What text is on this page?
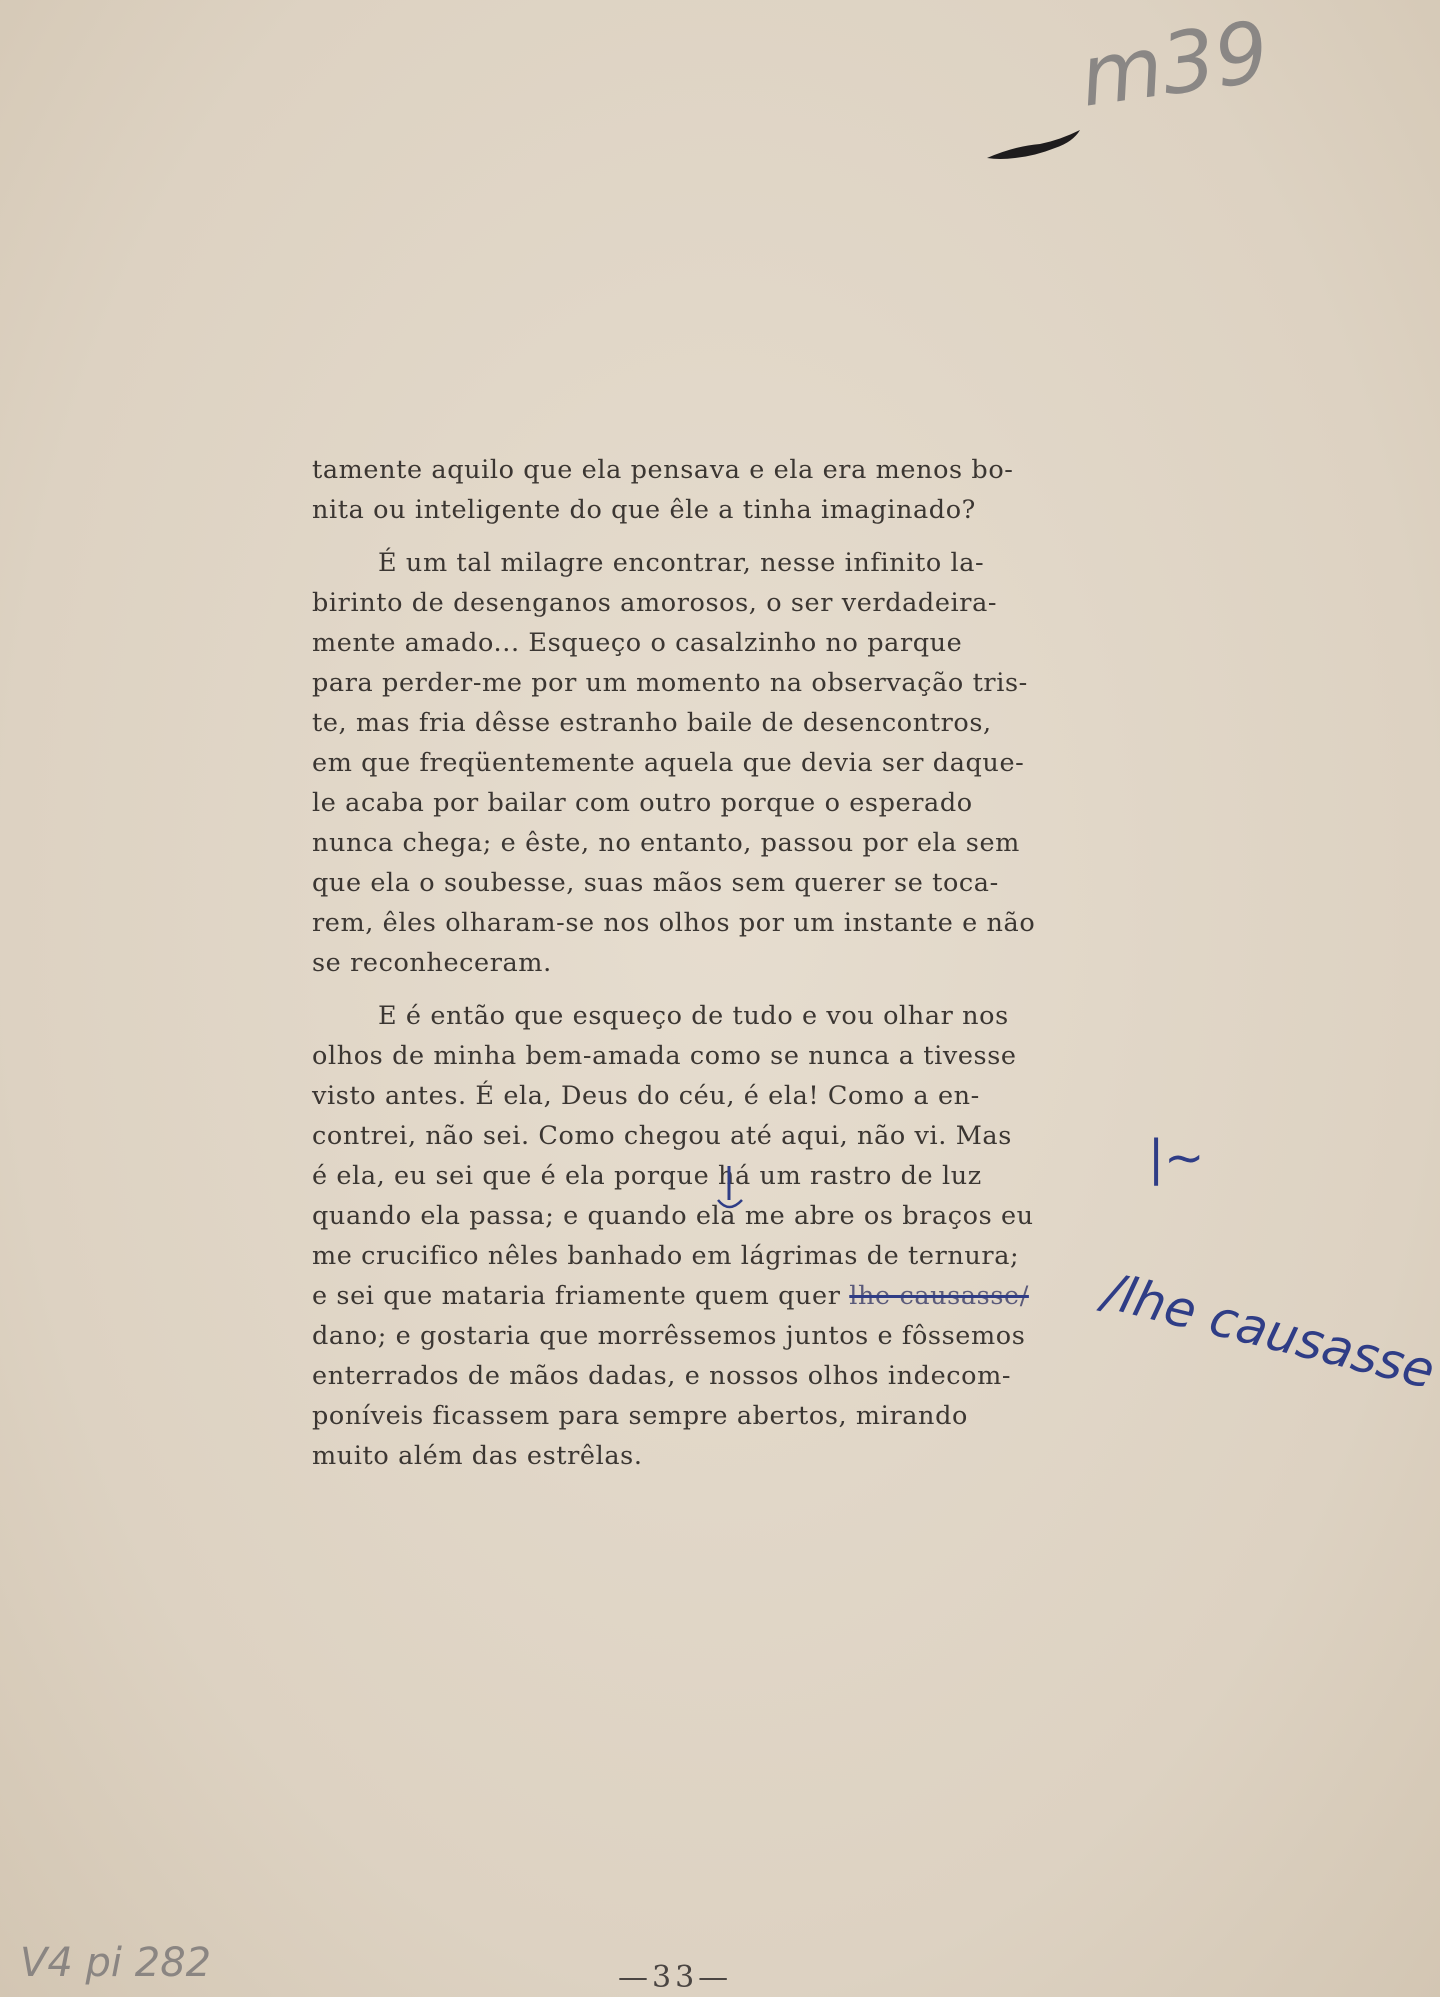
m39

tamente aquilo que ela pensava e ela era menos bo-
nita ou inteligente do que êle a tinha imaginado?

É um tal milagre encontrar, nesse infinito la-
birinto de desenganos amorosos, o ser verdadeira-
mente amado... Esqueço o casalzinho no parque
para perder-me por um momento na observação tris-
te, mas fria dêsse estranho baile de desencontros,
em que freqüentemente aquela que devia ser daque-
le acaba por bailar com outro porque o esperado
nunca chega; e êste, no entanto, passou por ela sem
que ela o soubesse, suas mãos sem querer se toca-
rem, êles olharam-se nos olhos por um instante e não
se reconheceram.

E é então que esqueço de tudo e vou olhar nos
olhos de minha bem-amada como se nunca a tivesse
visto antes. É ela, Deus do céu, é ela! Como a en-
contrei, não sei. Como chegou até aqui, não vi. Mas
é ela, eu sei que é ela porque há um rastro de luz
quando ela passa; e quando ela me abre os braços eu
me crucifico nêles banhado em lágrimas de ternura;
e sei que mataria friamente quem quer lhe causasse/
dano; e gostaria que morrêssemos juntos e fôssemos
enterrados de mãos dadas, e nossos olhos indecom-
poníveis ficassem para sempre abertos, mirando
muito além das estrêlas.

|~
/lhe causasse
V4 pi 282	—33—
